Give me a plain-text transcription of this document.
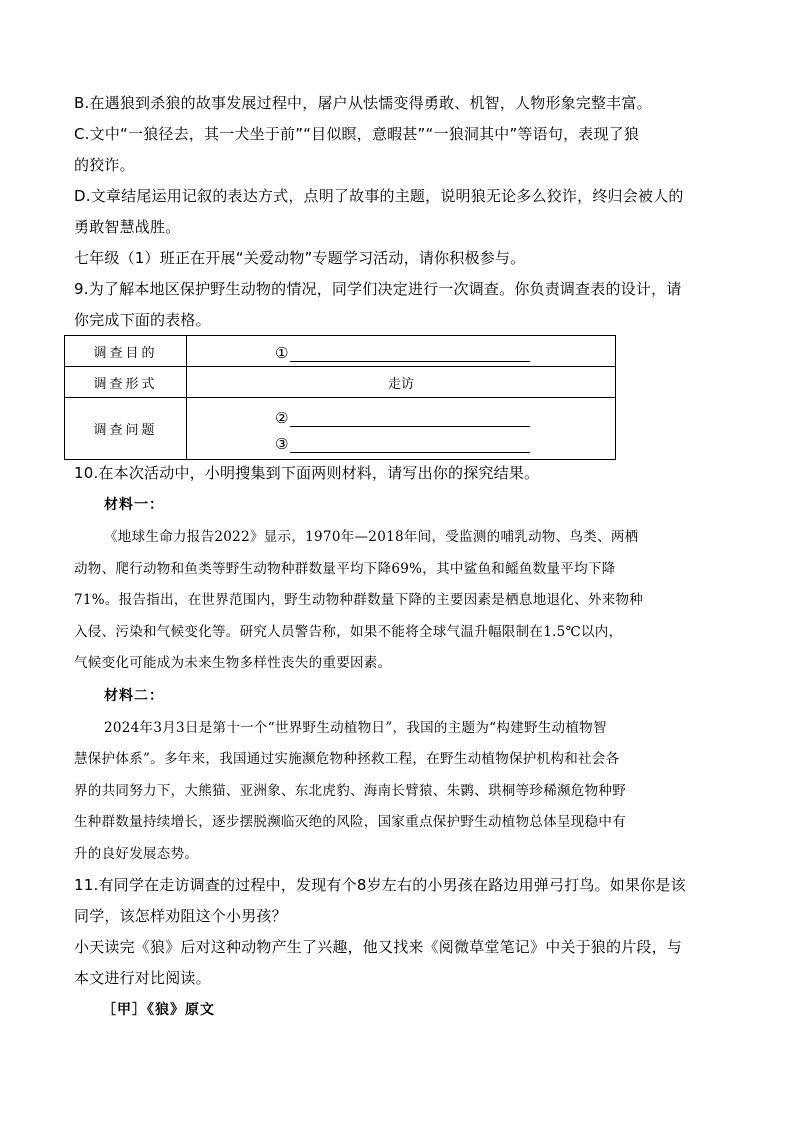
B.在遇狼到杀狼的故事发展过程中，屠户从怯懦变得勇敢、机智，人物形象完整丰富。
C.文中“一狼径去，其一犬坐于前”“目似瞑，意暇甚”“一狼洞其中”等语句，表现了狼
的狡诈。
D.文章结尾运用记叙的表达方式，点明了故事的主题，说明狼无论多么狡诈，终归会被人的
勇敢智慧战胜。
七年级（1）班正在开展“关爱动物”专题学习活动，请你积极参与。
9.为了解本地区保护野生动物的情况，同学们决定进行一次调查。你负责调查表的设计，请
你完成下面的表格。
调查目的	①

调查形式	走访
调查问题	②
③
10.在本次活动中，小明搜集到下面两则材料，请写出你的探究结果。
材料一：

《地球生命力报告2022》显示，1970年—2018年间，受监测的哺乳动物、鸟类、两栖
动物、爬行动物和鱼类等野生动物种群数量平均下降69%，其中鲨鱼和鳐鱼数量平均下降
71%。报告指出，在世界范围内，野生动物种群数量下降的主要因素是栖息地退化、外来物种
入侵、污染和气候变化等。研究人员警告称，如果不能将全球气温升幅限制在1.5℃以内，
气候变化可能成为未来生物多样性丧失的重要因素。

材料二：

2024年3月3日是第十一个“世界野生动植物日”，我国的主题为“构建野生动植物智
慧保护体系”。多年来，我国通过实施濒危物种拯救工程，在野生动植物保护机构和社会各
界的共同努力下，大熊猫、亚洲象、东北虎豹、海南长臂猿、朱鹮、珙桐等珍稀濒危物种野
生种群数量持续增长，逐步摆脱濒临灭绝的风险，国家重点保护野生动植物总体呈现稳中有
升的良好发展态势。

11.有同学在走访调查的过程中，发现有个8岁左右的小男孩在路边用弹弓打鸟。如果你是该
同学，该怎样劝阻这个小男孩？
小天读完《狼》后对这种动物产生了兴趣，他又找来《阅微草堂笔记》中关于狼的片段，与
本文进行对比阅读。
［甲］《狼》原文
